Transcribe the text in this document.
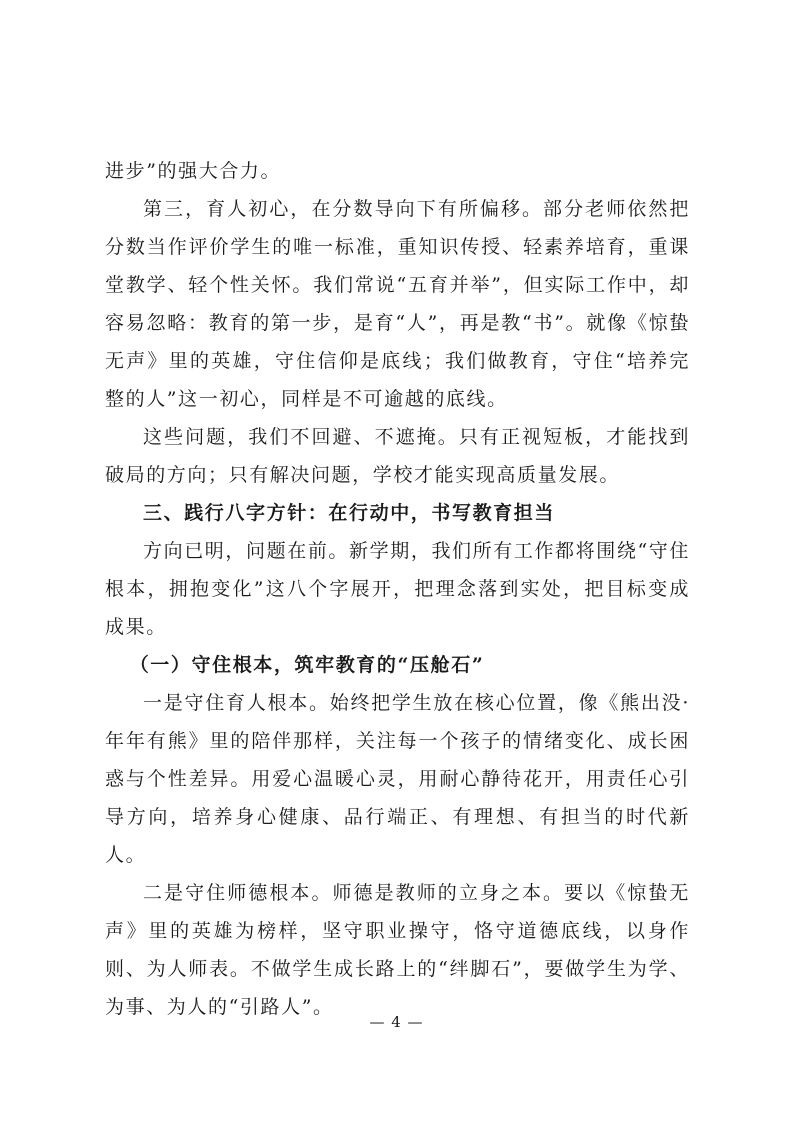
进步”的强大合力。

第三，育人初心，在分数导向下有所偏移。部分老师依然把分数当作评价学生的唯一标准，重知识传授、轻素养培育，重课堂教学、轻个性关怀。我们常说“五育并举”，但实际工作中，却容易忽略：教育的第一步，是育“人”，再是教“书”。就像《惊蛰无声》里的英雄，守住信仰是底线；我们做教育，守住“培养完整的人”这一初心，同样是不可逾越的底线。

这些问题，我们不回避、不遮掩。只有正视短板，才能找到破局的方向；只有解决问题，学校才能实现高质量发展。

三、践行八字方针：在行动中，书写教育担当

方向已明，问题在前。新学期，我们所有工作都将围绕“守住根本，拥抱变化”这八个字展开，把理念落到实处，把目标变成成果。

（一）守住根本，筑牢教育的“压舱石”

一是守住育人根本。始终把学生放在核心位置，像《熊出没·年年有熊》里的陪伴那样，关注每一个孩子的情绪变化、成长困惑与个性差异。用爱心温暖心灵，用耐心静待花开，用责任心引导方向，培养身心健康、品行端正、有理想、有担当的时代新人。

二是守住师德根本。师德是教师的立身之本。要以《惊蛰无声》里的英雄为榜样，坚守职业操守，恪守道德底线，以身作则、为人师表。不做学生成长路上的“绊脚石”，要做学生为学、为事、为人的“引路人”。

— 4 —
